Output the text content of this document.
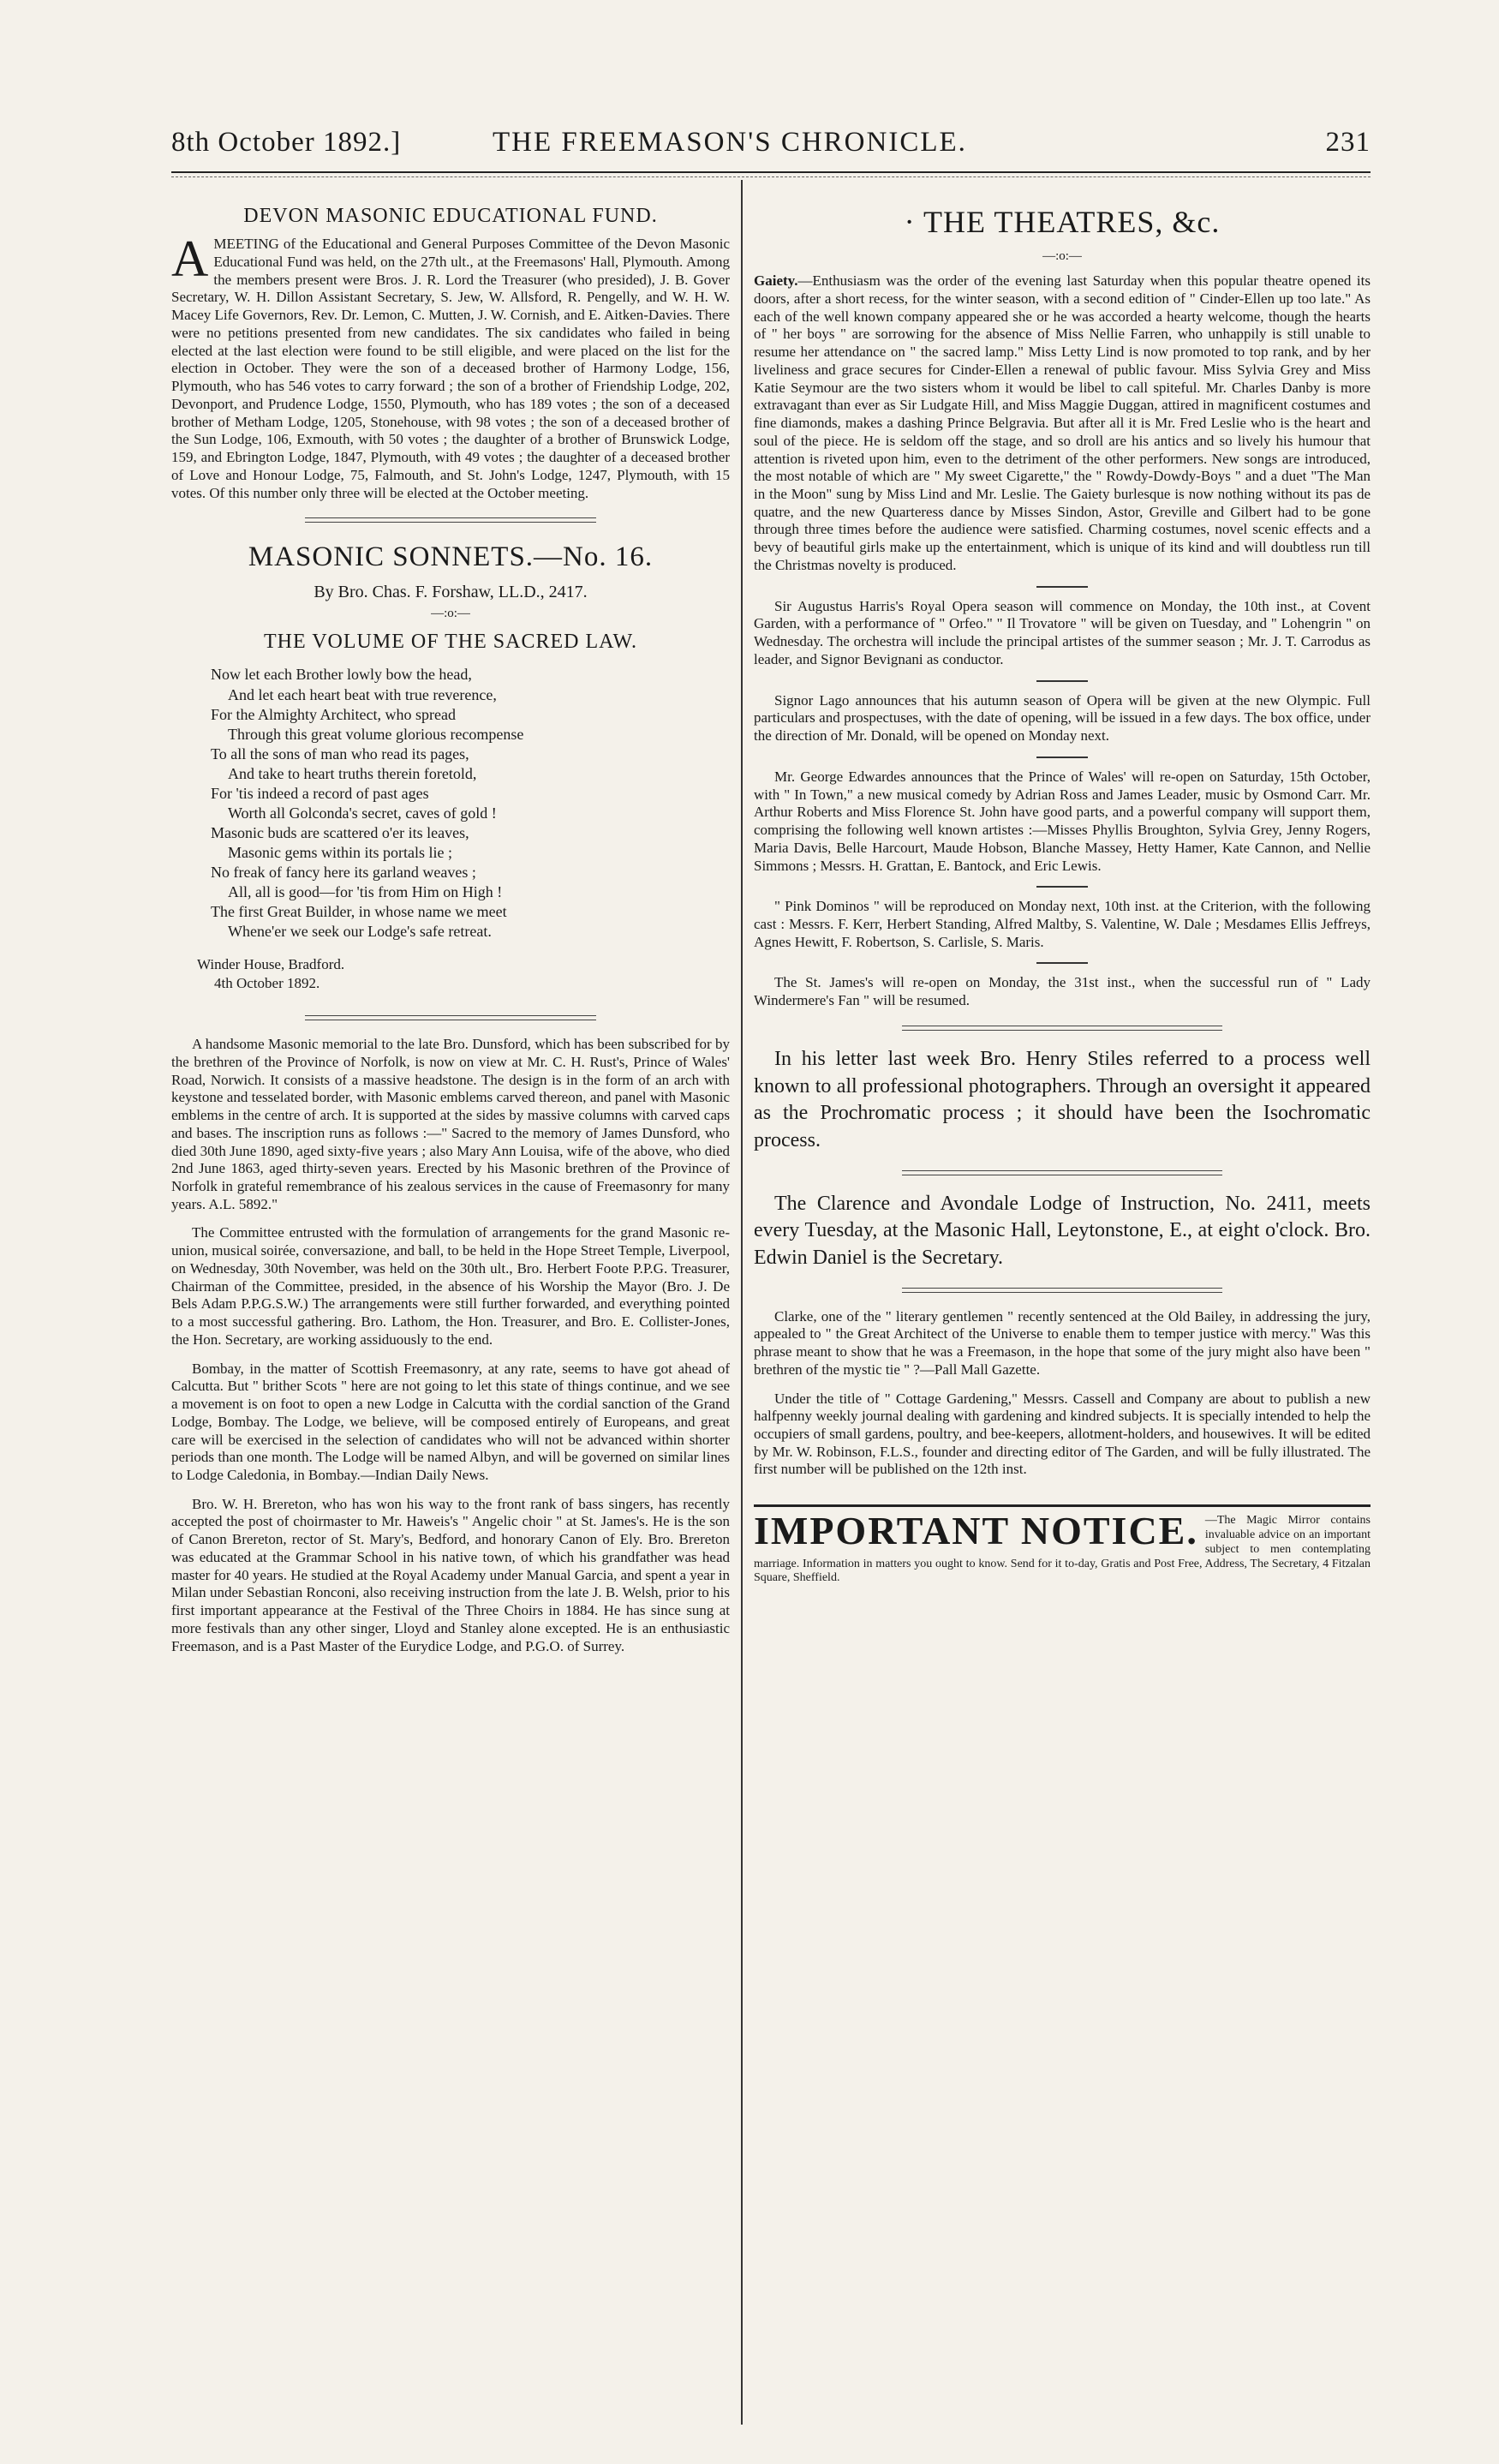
8th October 1892.]	THE FREEMASON'S CHRONICLE.	231
DEVON MASONIC EDUCATIONAL FUND.

AMEETING of the Educational and General Purposes Committee of the Devon Masonic Educational Fund was held, on the 27th ult., at the Freemasons' Hall, Plymouth. Among the members present were Bros. J. R. Lord the Treasurer (who presided), J. B. Gover Secretary, W. H. Dillon Assistant Secretary, S. Jew, W. Allsford, R. Pengelly, and W. H. W. Macey Life Governors, Rev. Dr. Lemon, C. Mutten, J. W. Cornish, and E. Aitken-Davies. There were no petitions presented from new candidates. The six candidates who failed in being elected at the last election were found to be still eligible, and were placed on the list for the election in October. They were the son of a deceased brother of Harmony Lodge, 156, Plymouth, who has 546 votes to carry forward ; the son of a brother of Friendship Lodge, 202, Devonport, and Prudence Lodge, 1550, Plymouth, who has 189 votes ; the son of a deceased brother of Metham Lodge, 1205, Stonehouse, with 98 votes ; the son of a deceased brother of the Sun Lodge, 106, Exmouth, with 50 votes ; the daughter of a brother of Brunswick Lodge, 159, and Ebrington Lodge, 1847, Plymouth, with 49 votes ; the daughter of a deceased brother of Love and Honour Lodge, 75, Falmouth, and St. John's Lodge, 1247, Plymouth, with 15 votes. Of this number only three will be elected at the October meeting.

MASONIC SONNETS.—No. 16.
By Bro. Chas. F. Forshaw, LL.D., 2417.
—:o:—
THE VOLUME OF THE SACRED LAW.
Now let each Brother lowly bow the head,
And let each heart beat with true reverence,
For the Almighty Architect, who spread
Through this great volume glorious recompense
To all the sons of man who read its pages,
And take to heart truths therein foretold,
For 'tis indeed a record of past ages
Worth all Golconda's secret, caves of gold !
Masonic buds are scattered o'er its leaves,
Masonic gems within its portals lie ;
No freak of fancy here its garland weaves ;
All, all is good—for 'tis from Him on High !
The first Great Builder, in whose name we meet
Whene'er we seek our Lodge's safe retreat.
Winder House, Bradford.
4th October 1892.

A handsome Masonic memorial to the late Bro. Dunsford, which has been subscribed for by the brethren of the Province of Norfolk, is now on view at Mr. C. H. Rust's, Prince of Wales' Road, Norwich. It consists of a massive headstone. The design is in the form of an arch with keystone and tesselated border, with Masonic emblems carved thereon, and panel with Masonic emblems in the centre of arch. It is supported at the sides by massive columns with carved caps and bases. The inscription runs as follows :—" Sacred to the memory of James Dunsford, who died 30th June 1890, aged sixty-five years ; also Mary Ann Louisa, wife of the above, who died 2nd June 1863, aged thirty-seven years. Erected by his Masonic brethren of the Province of Norfolk in grateful remembrance of his zealous services in the cause of Freemasonry for many years. A.L. 5892."

The Committee entrusted with the formulation of arrangements for the grand Masonic re-union, musical soirée, conversazione, and ball, to be held in the Hope Street Temple, Liverpool, on Wednesday, 30th November, was held on the 30th ult., Bro. Herbert Foote P.P.G. Treasurer, Chairman of the Committee, presided, in the absence of his Worship the Mayor (Bro. J. De Bels Adam P.P.G.S.W.) The arrangements were still further forwarded, and everything pointed to a most successful gathering. Bro. Lathom, the Hon. Treasurer, and Bro. E. Collister-Jones, the Hon. Secretary, are working assiduously to the end.

Bombay, in the matter of Scottish Freemasonry, at any rate, seems to have got ahead of Calcutta. But " brither Scots " here are not going to let this state of things continue, and we see a movement is on foot to open a new Lodge in Calcutta with the cordial sanction of the Grand Lodge, Bombay. The Lodge, we believe, will be composed entirely of Europeans, and great care will be exercised in the selection of candidates who will not be advanced within shorter periods than one month. The Lodge will be named Albyn, and will be governed on similar lines to Lodge Caledonia, in Bombay.—Indian Daily News.

Bro. W. H. Brereton, who has won his way to the front rank of bass singers, has recently accepted the post of choirmaster to Mr. Haweis's " Angelic choir " at St. James's. He is the son of Canon Brereton, rector of St. Mary's, Bedford, and honorary Canon of Ely. Bro. Brereton was educated at the Grammar School in his native town, of which his grandfather was head master for 40 years. He studied at the Royal Academy under Manual Garcia, and spent a year in Milan under Sebastian Ronconi, also receiving instruction from the late J. B. Welsh, prior to his first important appearance at the Festival of the Three Choirs in 1884. He has since sung at more festivals than any other singer, Lloyd and Stanley alone excepted. He is an enthusiastic Freemason, and is a Past Master of the Eurydice Lodge, and P.G.O. of Surrey.

· THE THEATRES, &c.
—:o:—

Gaiety.—Enthusiasm was the order of the evening last Saturday when this popular theatre opened its doors, after a short recess, for the winter season, with a second edition of " Cinder-Ellen up too late." As each of the well known company appeared she or he was accorded a hearty welcome, though the hearts of " her boys " are sorrowing for the absence of Miss Nellie Farren, who unhappily is still unable to resume her attendance on " the sacred lamp." Miss Letty Lind is now promoted to top rank, and by her liveliness and grace secures for Cinder-Ellen a renewal of public favour. Miss Sylvia Grey and Miss Katie Seymour are the two sisters whom it would be libel to call spiteful. Mr. Charles Danby is more extravagant than ever as Sir Ludgate Hill, and Miss Maggie Duggan, attired in magnificent costumes and fine diamonds, makes a dashing Prince Belgravia. But after all it is Mr. Fred Leslie who is the heart and soul of the piece. He is seldom off the stage, and so droll are his antics and so lively his humour that attention is riveted upon him, even to the detriment of the other performers. New songs are introduced, the most notable of which are " My sweet Cigarette," the " Rowdy-Dowdy-Boys " and a duet "The Man in the Moon" sung by Miss Lind and Mr. Leslie. The Gaiety burlesque is now nothing without its pas de quatre, and the new Quarteress dance by Misses Sindon, Astor, Greville and Gilbert had to be gone through three times before the audience were satisfied. Charming costumes, novel scenic effects and a bevy of beautiful girls make up the entertainment, which is unique of its kind and will doubtless run till the Christmas novelty is produced.

Sir Augustus Harris's Royal Opera season will commence on Monday, the 10th inst., at Covent Garden, with a performance of " Orfeo." " Il Trovatore " will be given on Tuesday, and " Lohengrin " on Wednesday. The orchestra will include the principal artistes of the summer season ; Mr. J. T. Carrodus as leader, and Signor Bevignani as conductor.

Signor Lago announces that his autumn season of Opera will be given at the new Olympic. Full particulars and prospectuses, with the date of opening, will be issued in a few days. The box office, under the direction of Mr. Donald, will be opened on Monday next.

Mr. George Edwardes announces that the Prince of Wales' will re-open on Saturday, 15th October, with " In Town," a new musical comedy by Adrian Ross and James Leader, music by Osmond Carr. Mr. Arthur Roberts and Miss Florence St. John have good parts, and a powerful company will support them, comprising the following well known artistes :—Misses Phyllis Broughton, Sylvia Grey, Jenny Rogers, Maria Davis, Belle Harcourt, Maude Hobson, Blanche Massey, Hetty Hamer, Kate Cannon, and Nellie Simmons ; Messrs. H. Grattan, E. Bantock, and Eric Lewis.

" Pink Dominos " will be reproduced on Monday next, 10th inst. at the Criterion, with the following cast : Messrs. F. Kerr, Herbert Standing, Alfred Maltby, S. Valentine, W. Dale ; Mesdames Ellis Jeffreys, Agnes Hewitt, F. Robertson, S. Carlisle, S. Maris.

The St. James's will re-open on Monday, the 31st inst., when the successful run of " Lady Windermere's Fan " will be resumed.

In his letter last week Bro. Henry Stiles referred to a process well known to all professional photographers. Through an oversight it appeared as the Prochromatic process ; it should have been the Isochromatic process.

The Clarence and Avondale Lodge of Instruction, No. 2411, meets every Tuesday, at the Masonic Hall, Leytonstone, E., at eight o'clock. Bro. Edwin Daniel is the Secretary.

Clarke, one of the " literary gentlemen " recently sentenced at the Old Bailey, in addressing the jury, appealed to " the Great Architect of the Universe to enable them to temper justice with mercy." Was this phrase meant to show that he was a Freemason, in the hope that some of the jury might also have been " brethren of the mystic tie " ?—Pall Mall Gazette.

Under the title of " Cottage Gardening," Messrs. Cassell and Company are about to publish a new halfpenny weekly journal dealing with gardening and kindred subjects. It is specially intended to help the occupiers of small gardens, poultry, and bee-keepers, allotment-holders, and housewives. It will be edited by Mr. W. Robinson, F.L.S., founder and directing editor of The Garden, and will be fully illustrated. The first number will be published on the 12th inst.

IMPORTANT NOTICE. —The Magic Mirror contains invaluable advice on an important subject to men contemplating marriage. Information in matters you ought to know. Send for it to-day, Gratis and Post Free, Address, The Secretary, 4 Fitzalan Square, Sheffield.
